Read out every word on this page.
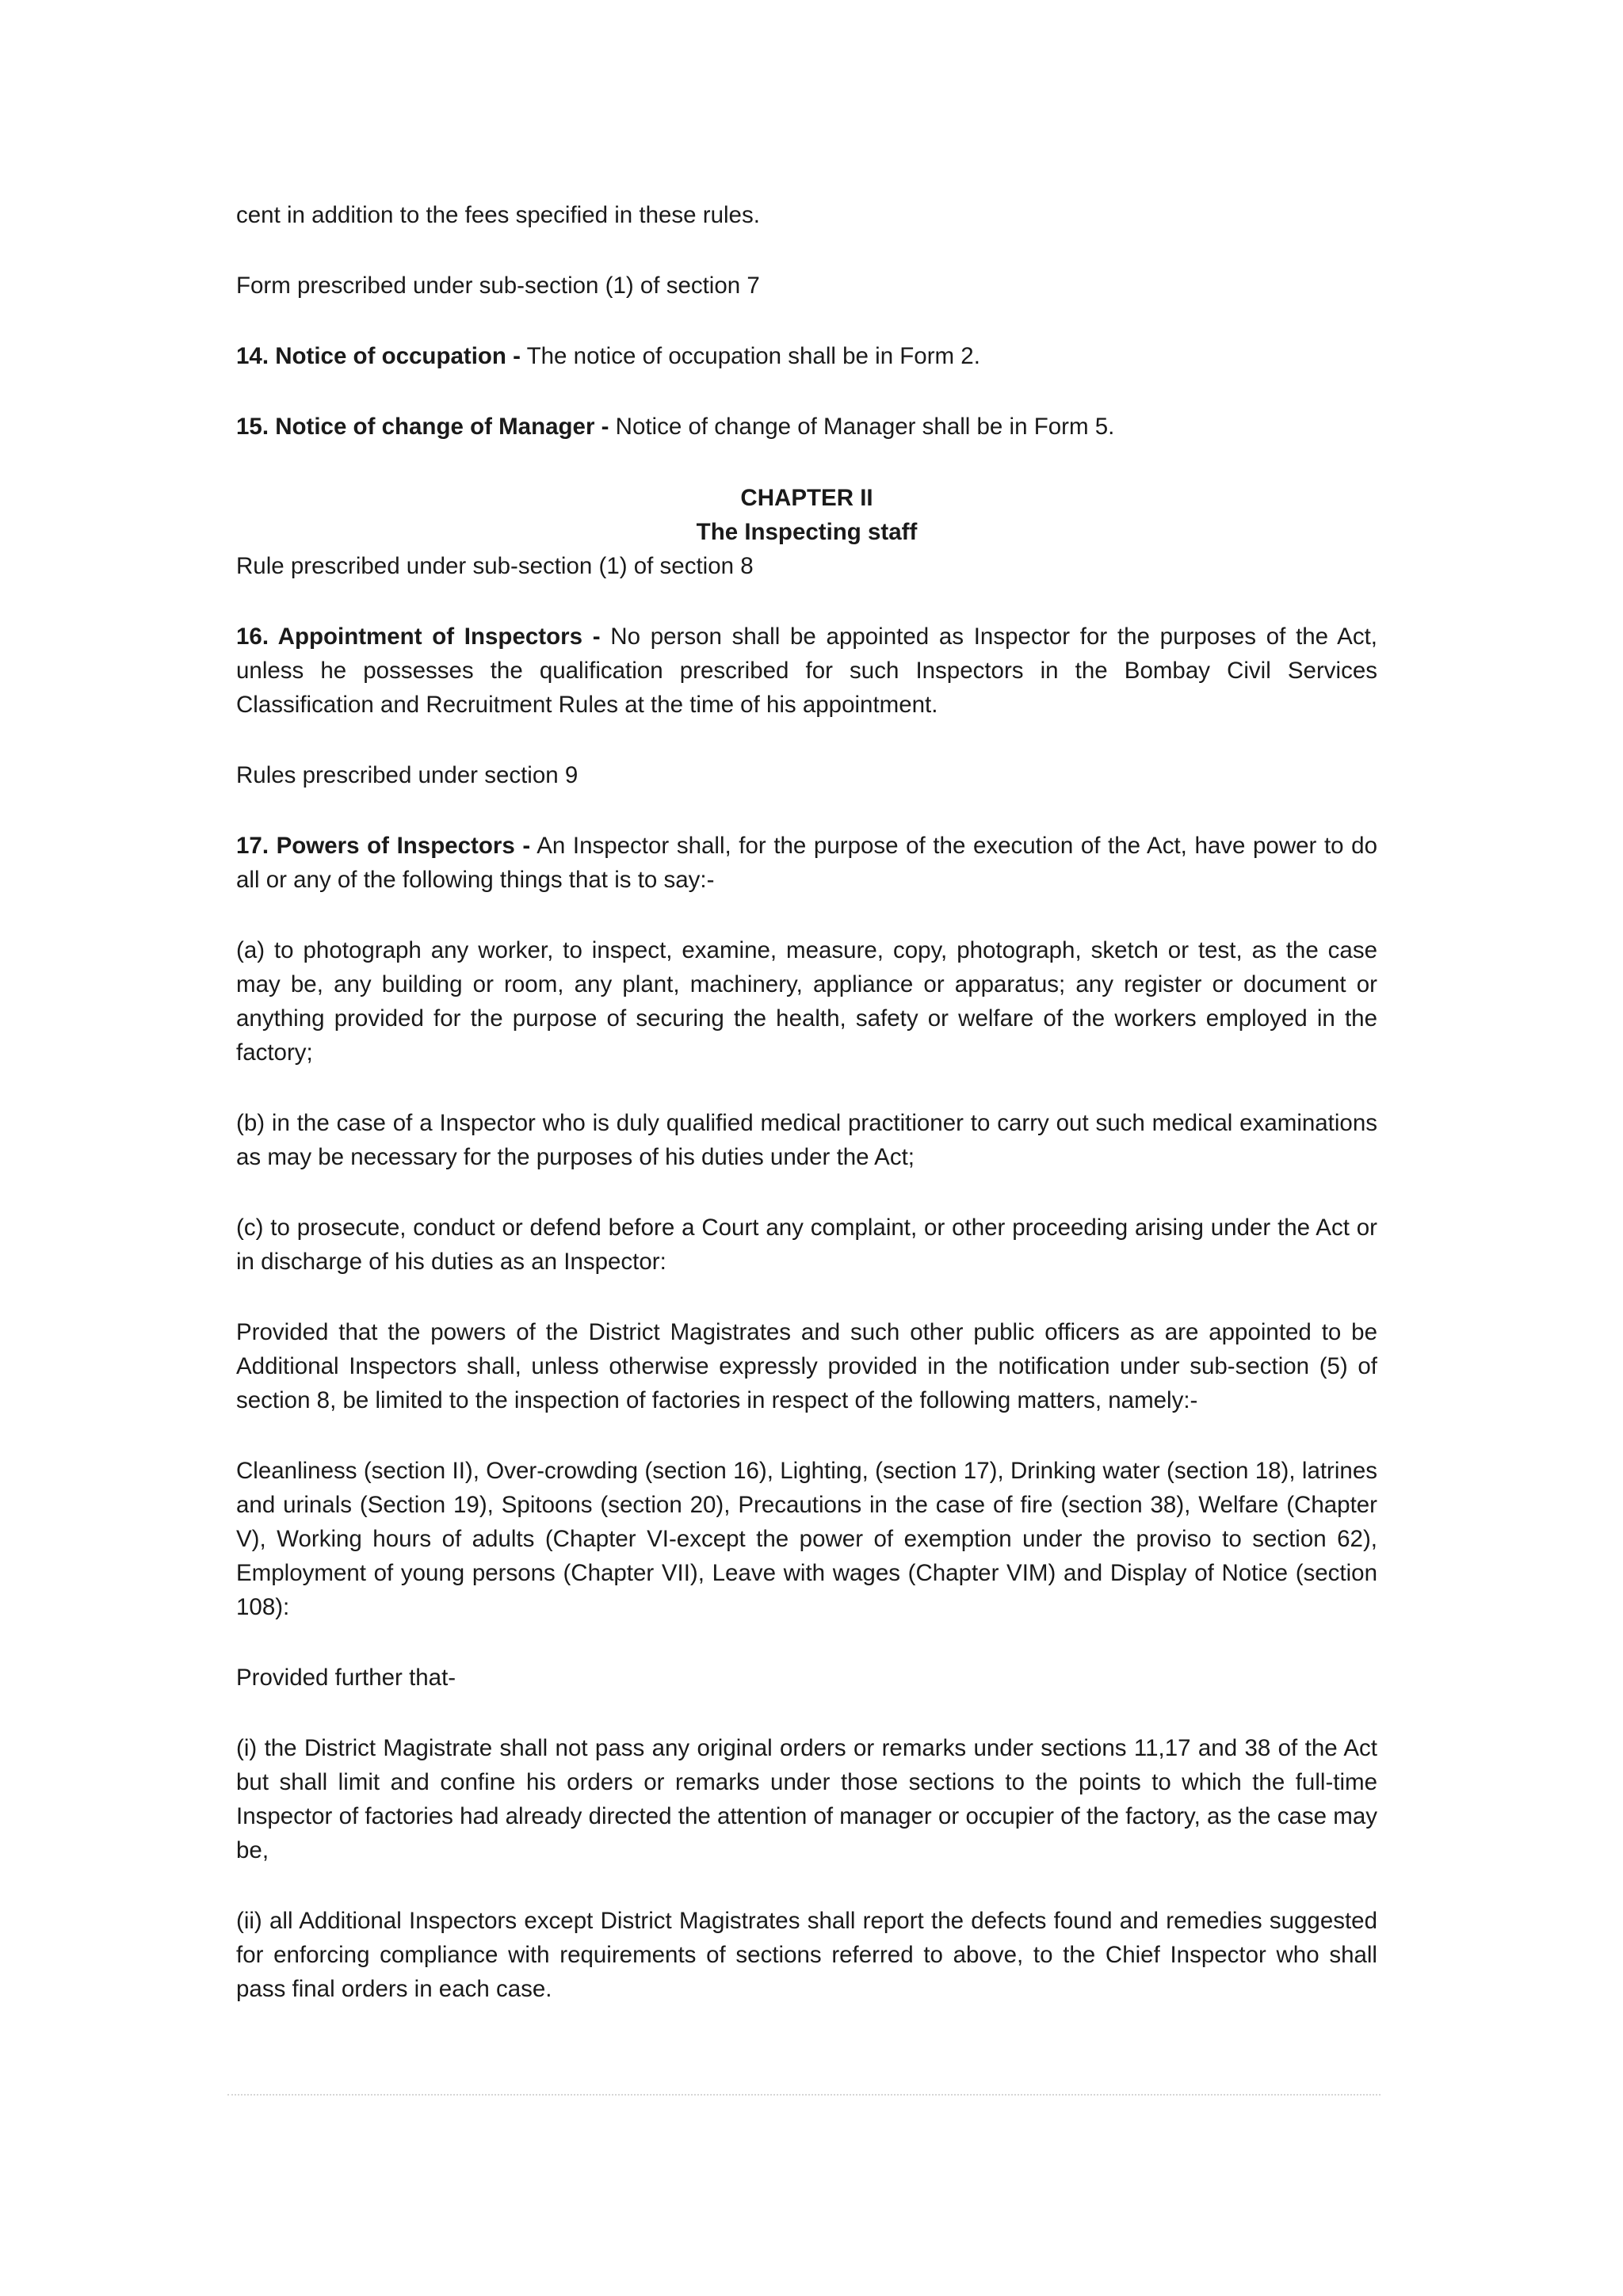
cent in addition to the fees specified in these rules.

Form prescribed under sub-section (1) of section 7

14. Notice of occupation - The notice of occupation shall be in Form 2.

15. Notice of change of Manager - Notice of change of Manager shall be in Form 5.

CHAPTER II

The Inspecting staff

Rule prescribed under sub-section (1) of section 8

16. Appointment of Inspectors - No person shall be appointed as Inspector for the purposes of the Act, unless he possesses the qualification prescribed for such Inspectors in the Bombay Civil Services Classification and Recruitment Rules at the time of his appointment.

Rules prescribed under section 9

17. Powers of Inspectors - An Inspector shall, for the purpose of the execution of the Act, have power to do all or any of the following things that is to say:-

(a) to photograph any worker, to inspect, examine, measure, copy, photograph, sketch or test, as the case may be, any building or room, any plant, machinery, appliance or apparatus; any register or document or anything provided for the purpose of securing the health, safety or welfare of the workers employed in the factory;

(b) in the case of a Inspector who is duly qualified medical practitioner to carry out such medical examinations as may be necessary for the purposes of his duties under the Act;

(c) to prosecute, conduct or defend before a Court any complaint, or other proceeding arising under the Act or in discharge of his duties as an Inspector:

Provided that the powers of the District Magistrates and such other public officers as are appointed to be Additional Inspectors shall, unless otherwise expressly provided in the notification under sub-section (5) of section 8, be limited to the inspection of factories in respect of the following matters, namely:-

Cleanliness (section II), Over-crowding (section 16), Lighting, (section 17), Drinking water (section 18), latrines and urinals (Section 19), Spitoons (section 20), Precautions in the case of fire (section 38), Welfare (Chapter V), Working hours of adults (Chapter VI-except the power of exemption under the proviso to section 62), Employment of young persons (Chapter VII), Leave with wages (Chapter VIM) and Display of Notice (section 108):

Provided further that-

(i) the District Magistrate shall not pass any original orders or remarks under sections 11,17 and 38 of the Act but shall limit and confine his orders or remarks under those sections to the points to which the full-time Inspector of factories had already directed the attention of manager or occupier of the factory, as the case may be,

(ii) all Additional Inspectors except District Magistrates shall report the defects found and remedies suggested for enforcing compliance with requirements of sections referred to above, to the Chief Inspector who shall pass final orders in each case.
